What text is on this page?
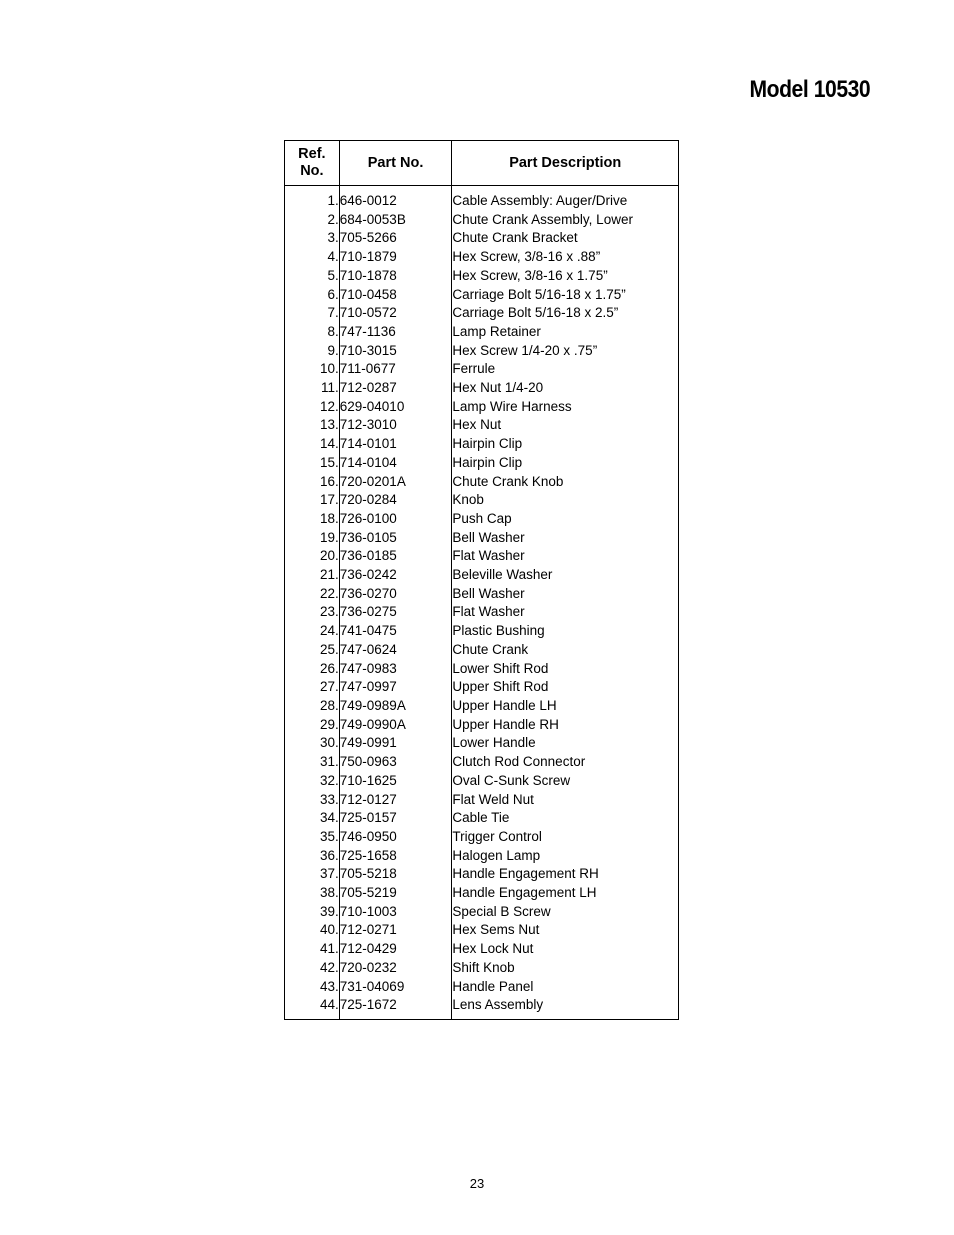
Model 10530
Ref.
No.	Part No.	Part Description

1.	646-0012	Cable Assembly: Auger/Drive
2.	684-0053B	Chute Crank Assembly, Lower
3.	705-5266	Chute Crank Bracket
4.	710-1879	Hex Screw, 3/8-16 x .88”
5.	710-1878	Hex Screw, 3/8-16 x 1.75”
6.	710-0458	Carriage Bolt 5/16-18 x 1.75”
7.	710-0572	Carriage Bolt 5/16-18 x 2.5”
8.	747-1136	Lamp Retainer
9.	710-3015	Hex Screw 1/4-20 x .75”
10.	711-0677	Ferrule
11.	712-0287	Hex Nut 1/4-20
12.	629-04010	Lamp Wire Harness
13.	712-3010	Hex Nut
14.	714-0101	Hairpin Clip
15.	714-0104	Hairpin Clip
16.	720-0201A	Chute Crank Knob
17.	720-0284	Knob
18.	726-0100	Push Cap
19.	736-0105	Bell Washer
20.	736-0185	Flat Washer
21.	736-0242	Beleville Washer
22.	736-0270	Bell Washer
23.	736-0275	Flat Washer
24.	741-0475	Plastic Bushing
25.	747-0624	Chute Crank
26.	747-0983	Lower Shift Rod
27.	747-0997	Upper Shift Rod
28.	749-0989A	Upper Handle LH
29.	749-0990A	Upper Handle RH
30.	749-0991	Lower Handle
31.	750-0963	Clutch Rod Connector
32.	710-1625	Oval C-Sunk Screw
33.	712-0127	Flat Weld Nut
34.	725-0157	Cable Tie
35.	746-0950	Trigger Control
36.	725-1658	Halogen Lamp
37.	705-5218	Handle Engagement RH
38.	705-5219	Handle Engagement LH
39.	710-1003	Special B Screw
40.	712-0271	Hex Sems Nut
41.	712-0429	Hex Lock Nut
42.	720-0232	Shift Knob
43.	731-04069	Handle Panel
44.	725-1672	Lens Assembly

23
